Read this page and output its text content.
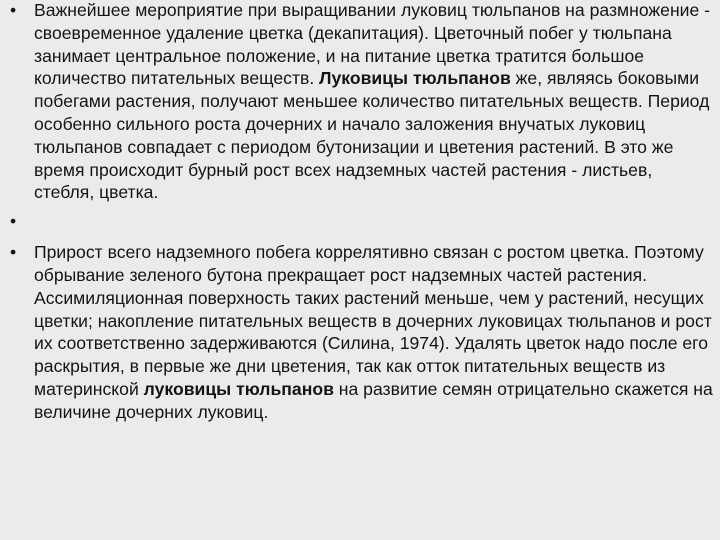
•	Важнейшее мероприятие при выращивании луковиц тюльпанов на размножение - своевременное удаление цветка (декапитация). Цветочный побег у тюльпана занимает центральное положение, и на питание цветка тратится большое количество питательных веществ. Луковицы тюльпанов же, являясь боковыми побегами растения, получают меньшее количество питательных веществ. Период особенно сильного роста дочерних и начало заложения внучатых луковиц тюльпанов совпадает с периодом бутонизации и цветения растений. В это же время происходит бурный рост всех надземных частей растения - листьев, стебля, цветка.
•
•	Прирост всего надземного побега коррелятивно связан с ростом цветка. Поэтому обрывание зеленого бутона прекращает рост надземных частей растения. Ассимиляционная поверхность таких растений меньше, чем у растений, несущих цветки; накопление питательных веществ в дочерних луковицах тюльпанов и рост их соответственно задерживаются (Силина, 1974). Удалять цветок надо после его раскрытия, в первые же дни цветения, так как отток питательных веществ из материнской луковицы тюльпанов на развитие семян отрицательно скажется на величине дочерних луковиц.
